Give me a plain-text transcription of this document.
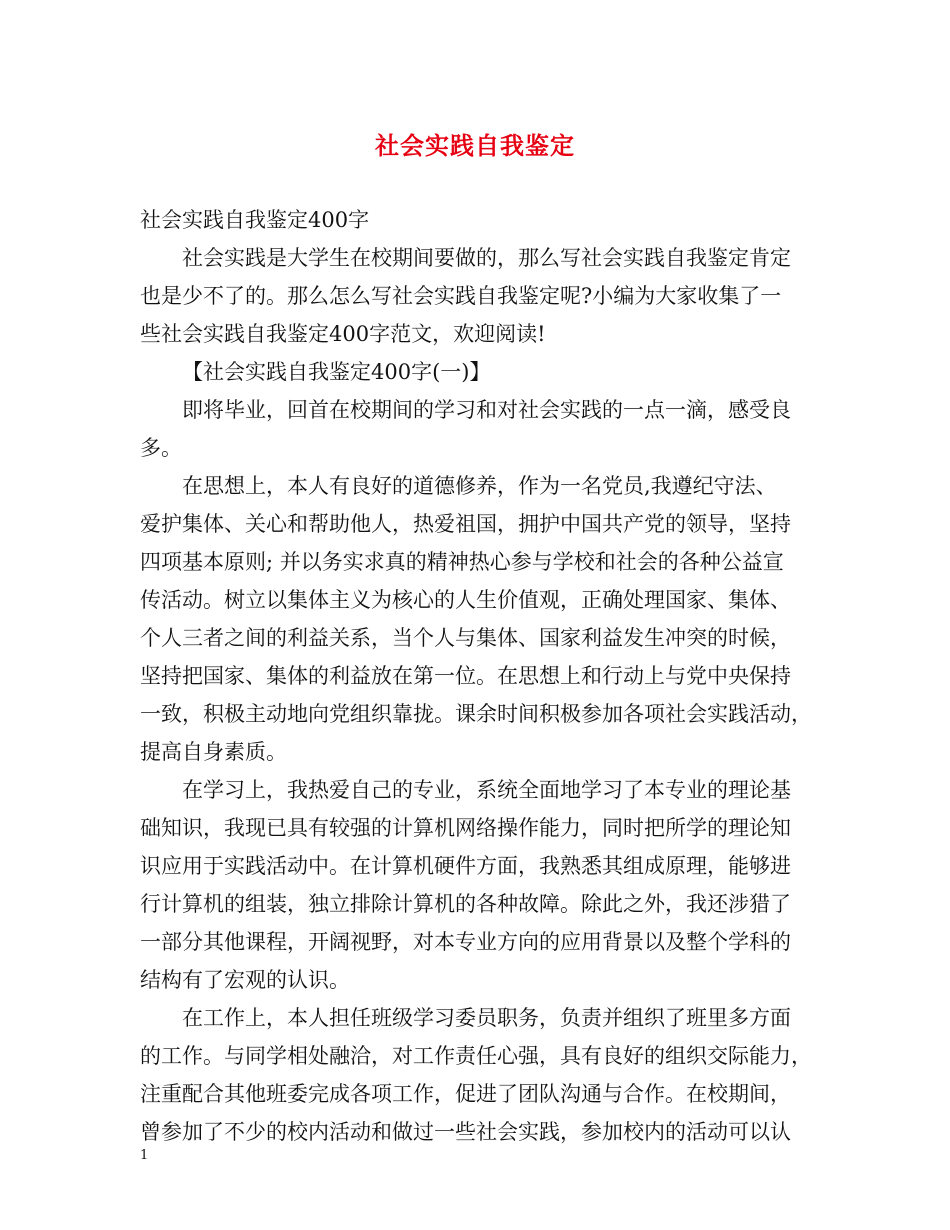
社会实践自我鉴定
社会实践自我鉴定400字
社会实践是大学生在校期间要做的，那么写社会实践自我鉴定肯定
也是少不了的。那么怎么写社会实践自我鉴定呢?小编为大家收集了一
些社会实践自我鉴定400字范文，欢迎阅读!
【社会实践自我鉴定400字(一)】
即将毕业，回首在校期间的学习和对社会实践的一点一滴，感受良
多。
在思想上，本人有良好的道德修养，作为一名党员,我遵纪守法、
爱护集体、关心和帮助他人，热爱祖国，拥护中国共产党的领导，坚持
四项基本原则; 并以务实求真的精神热心参与学校和社会的各种公益宣
传活动。树立以集体主义为核心的人生价值观，正确处理国家、集体、
个人三者之间的利益关系，当个人与集体、国家利益发生冲突的时候，
坚持把国家、集体的利益放在第一位。在思想上和行动上与党中央保持
一致，积极主动地向党组织靠拢。课余时间积极参加各项社会实践活动，
提高自身素质。
在学习上，我热爱自己的专业，系统全面地学习了本专业的理论基
础知识，我现已具有较强的计算机网络操作能力，同时把所学的理论知
识应用于实践活动中。在计算机硬件方面，我熟悉其组成原理，能够进
行计算机的组装，独立排除计算机的各种故障。除此之外，我还涉猎了
一部分其他课程，开阔视野，对本专业方向的应用背景以及整个学科的
结构有了宏观的认识。
在工作上，本人担任班级学习委员职务，负责并组织了班里多方面
的工作。与同学相处融洽，对工作责任心强，具有良好的组织交际能力，
注重配合其他班委完成各项工作，促进了团队沟通与合作。在校期间，
曾参加了不少的校内活动和做过一些社会实践，参加校内的活动可以认
1
